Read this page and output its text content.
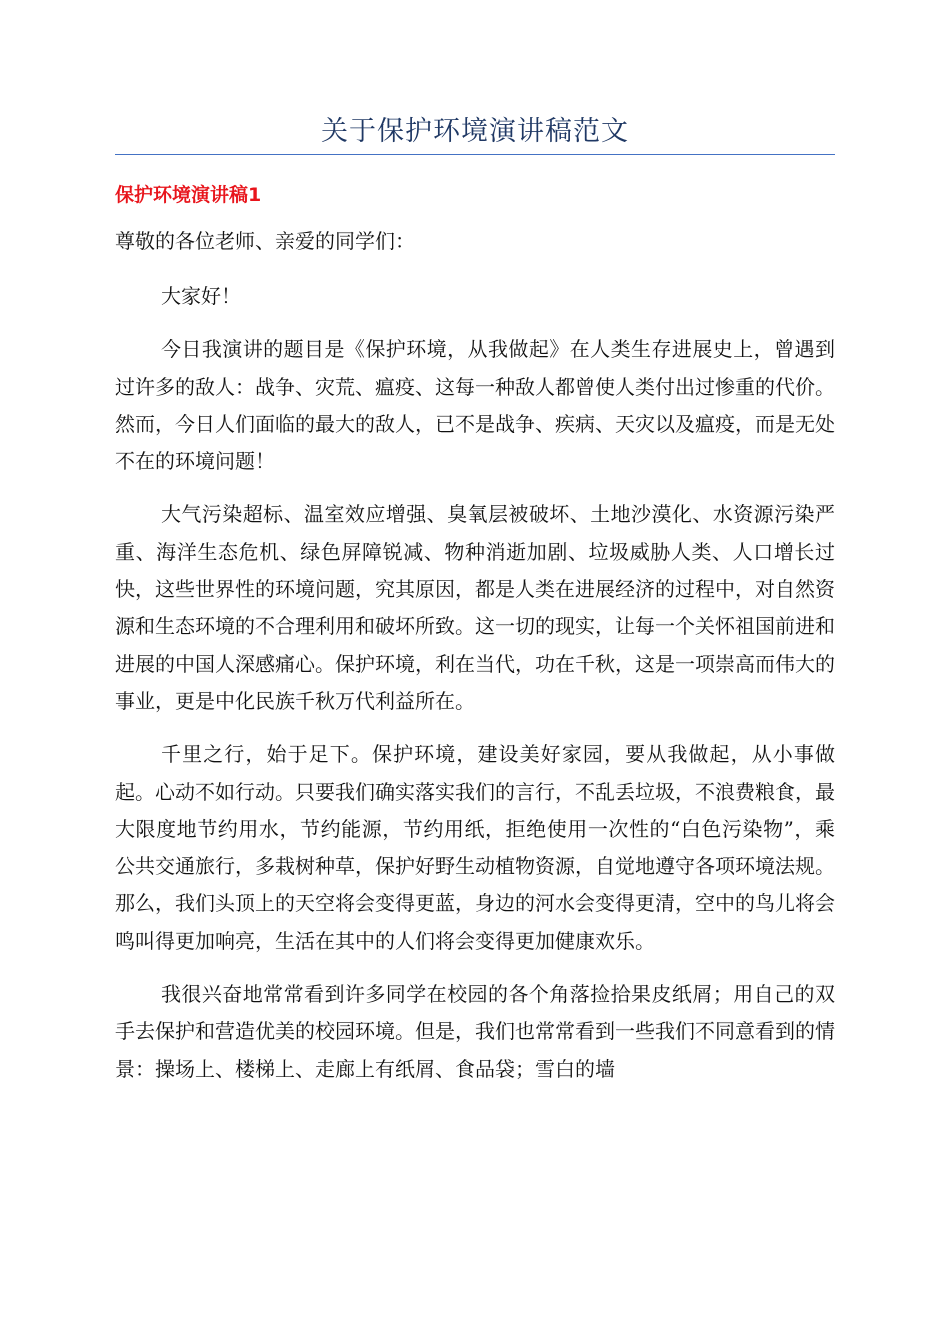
关于保护环境演讲稿范文
保护环境演讲稿1
尊敬的各位老师、亲爱的同学们：

大家好！

今日我演讲的题目是《保护环境，从我做起》在人类生存进展史上，曾遇到过许多的敌人：战争、灾荒、瘟疫、这每一种敌人都曾使人类付出过惨重的代价。然而，今日人们面临的最大的敌人，已不是战争、疾病、天灾以及瘟疫，而是无处不在的环境问题！

大气污染超标、温室效应增强、臭氧层被破坏、土地沙漠化、水资源污染严重、海洋生态危机、绿色屏障锐减、物种消逝加剧、垃圾威胁人类、人口增长过快，这些世界性的环境问题，究其原因，都是人类在进展经济的过程中，对自然资源和生态环境的不合理利用和破坏所致。这一切的现实，让每一个关怀祖国前进和进展的中国人深感痛心。保护环境，利在当代，功在千秋，这是一项崇高而伟大的事业，更是中化民族千秋万代利益所在。

千里之行，始于足下。保护环境，建设美好家园，要从我做起，从小事做起。心动不如行动。只要我们确实落实我们的言行，不乱丢垃圾，不浪费粮食，最大限度地节约用水，节约能源，节约用纸，拒绝使用一次性的“白色污染物”，乘公共交通旅行，多栽树种草，保护好野生动植物资源，自觉地遵守各项环境法规。那么，我们头顶上的天空将会变得更蓝，身边的河水会变得更清，空中的鸟儿将会鸣叫得更加响亮，生活在其中的人们将会变得更加健康欢乐。

我很兴奋地常常看到许多同学在校园的各个角落捡拾果皮纸屑；用自己的双手去保护和营造优美的校园环境。但是，我们也常常看到一些我们不同意看到的情景：操场上、楼梯上、走廊上有纸屑、食品袋；雪白的墙
